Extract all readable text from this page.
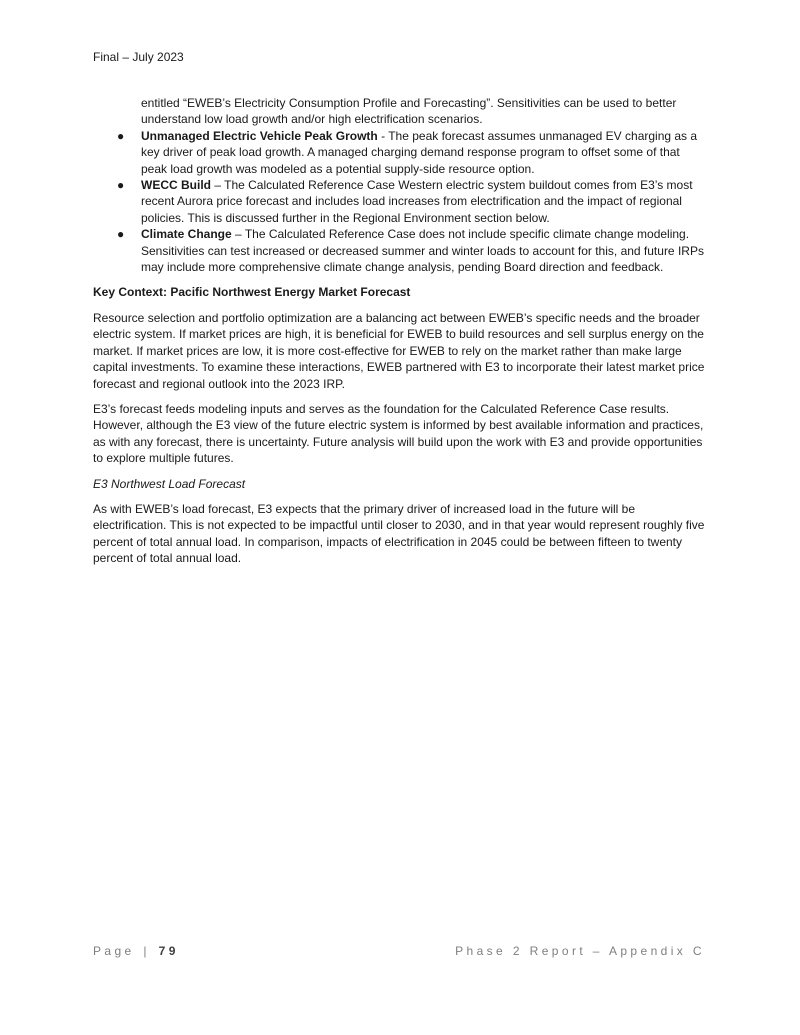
Final – July 2023

entitled “EWEB’s Electricity Consumption Profile and Forecasting”. Sensitivities can be used to better understand low load growth and/or high electrification scenarios.

● Unmanaged Electric Vehicle Peak Growth - The peak forecast assumes unmanaged EV charging as a key driver of peak load growth. A managed charging demand response program to offset some of that peak load growth was modeled as a potential supply-side resource option.
● WECC Build – The Calculated Reference Case Western electric system buildout comes from E3’s most recent Aurora price forecast and includes load increases from electrification and the impact of regional policies. This is discussed further in the Regional Environment section below.
● Climate Change – The Calculated Reference Case does not include specific climate change modeling. Sensitivities can test increased or decreased summer and winter loads to account for this, and future IRPs may include more comprehensive climate change analysis, pending Board direction and feedback.
Key Context: Pacific Northwest Energy Market Forecast

Resource selection and portfolio optimization are a balancing act between EWEB’s specific needs and the broader electric system. If market prices are high, it is beneficial for EWEB to build resources and sell surplus energy on the market. If market prices are low, it is more cost-effective for EWEB to rely on the market rather than make large capital investments. To examine these interactions, EWEB partnered with E3 to incorporate their latest market price forecast and regional outlook into the 2023 IRP.

E3’s forecast feeds modeling inputs and serves as the foundation for the Calculated Reference Case results. However, although the E3 view of the future electric system is informed by best available information and practices, as with any forecast, there is uncertainty. Future analysis will build upon the work with E3 and provide opportunities to explore multiple futures.

E3 Northwest Load Forecast

As with EWEB’s load forecast, E3 expects that the primary driver of increased load in the future will be electrification. This is not expected to be impactful until closer to 2030, and in that year would represent roughly five percent of total annual load. In comparison, impacts of electrification in 2045 could be between fifteen to twenty percent of total annual load.

Page | 79	Phase 2 Report – Appendix C
